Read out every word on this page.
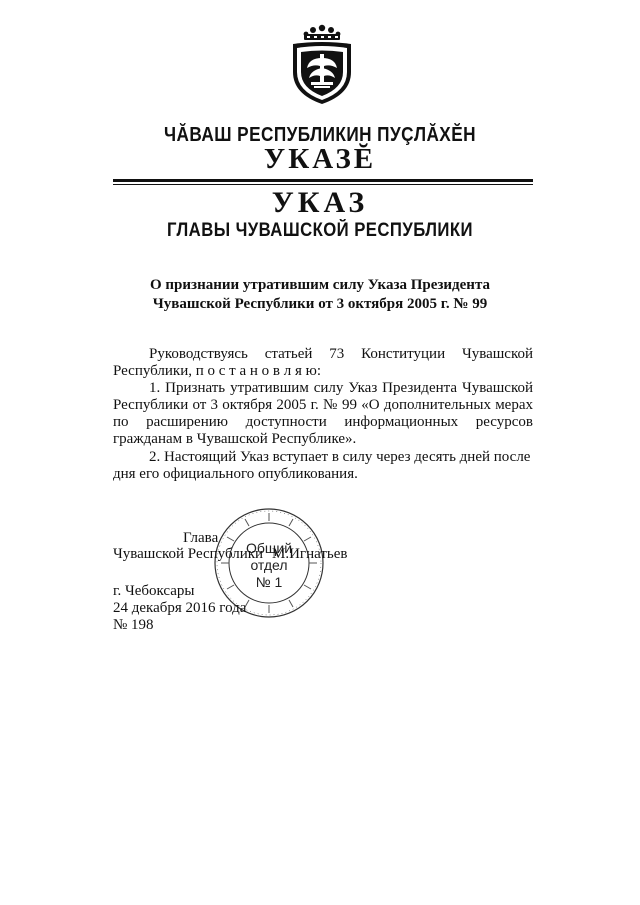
ЧĂВАШ РЕСПУБЛИКИН ПУÇЛĂХĔН
УКАЗĔ
УКАЗ
ГЛАВЫ ЧУВАШСКОЙ РЕСПУБЛИКИ
О признании утратившим силу Указа Президента
Чувашской Республики от 3 октября 2005 г. № 99
Руководствуясь статьей 73 Конституции Чувашской Республики, п о с т а н о в л я ю:
1. Признать утратившим силу Указ Президента Чувашской Республики от 3 октября 2005 г. № 99 «О дополнительных мерах по расширению доступности информационных ресурсов гражданам в Чувашской Республике».
2. Настоящий Указ вступает в силу через десять дней после дня его официального опубликования.
Общий
отдел
№ 1
Глава
Чувашской Республики М.Игнатьев
г. Чебоксары
24 декабря 2016 года
№ 198
